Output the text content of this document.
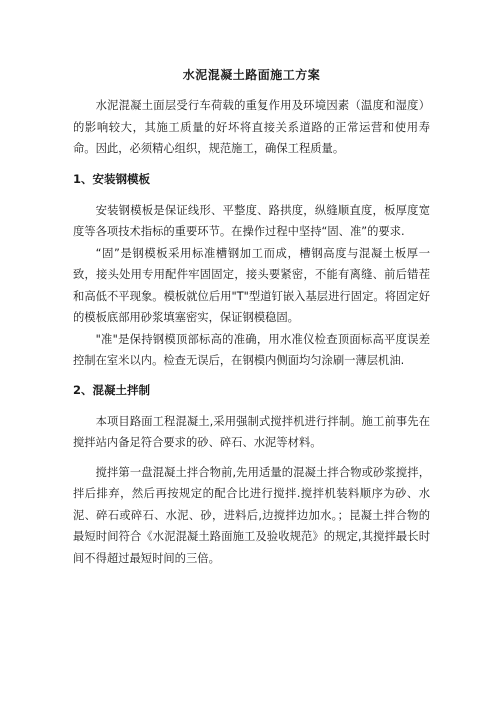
水泥混凝土路面施工方案

水泥混凝土面层受行车荷载的重复作用及环境因素（温度和湿度）的影响较大，其施工质量的好坏将直接关系道路的正常运营和使用寿命。因此，必须精心组织，规范施工，确保工程质量。

1、安装钢模板

安装钢模板是保证线形、平整度、路拱度，纵缝顺直度，板厚度宽度等各项技术指标的重要环节。在操作过程中坚持“固、准”的要求.

“固”是钢模板采用标准槽钢加工而成，槽钢高度与混凝土板厚一致，接头处用专用配件牢固固定，接头要紧密，不能有离缝、前后错茬和高低不平现象。模板就位后用"T"型道钉嵌入基层进行固定。将固定好的模板底部用砂浆填塞密实，保证钢模稳固。

"准"是保持钢模顶部标高的准确，用水准仪检查顶面标高平度误差控制在室米以内。检查无误后，在钢模内侧面均匀涂刷一薄层机油.

2、混凝土拌制

本项目路面工程混凝土,采用强制式搅拌机进行拌制。施工前事先在搅拌站内备足符合要求的砂、碎石、水泥等材料。

搅拌第一盘混凝土拌合物前,先用适量的混凝土拌合物或砂浆搅拌，拌后排弃，然后再按规定的配合比进行搅拌.搅拌机装料顺序为砂、水泥、碎石或碎石、水泥、砂，进料后,边搅拌边加水。；昆凝土拌合物的最短时间符合《水泥混凝土路面施工及验收规范》的规定,其搅拌最长时间不得超过最短时间的三倍。
